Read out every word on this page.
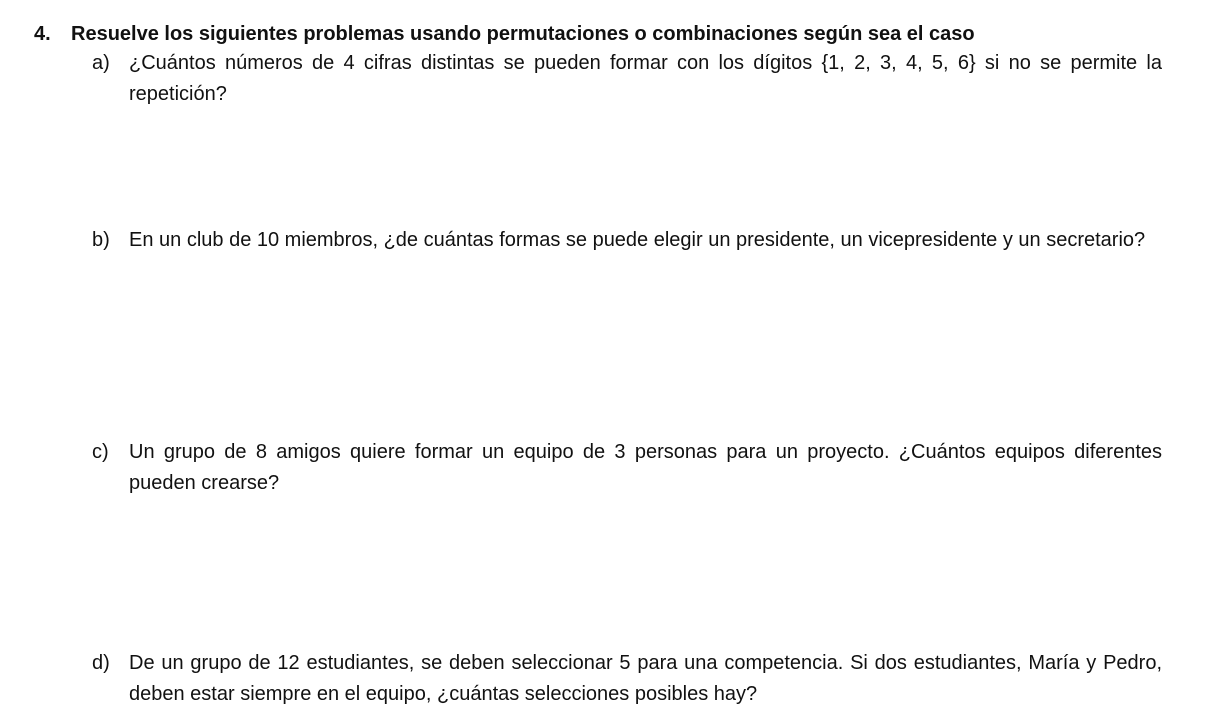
4. Resuelve los siguientes problemas usando permutaciones o combinaciones según sea el caso
a) ¿Cuántos números de 4 cifras distintas se pueden formar con los dígitos {1, 2, 3, 4, 5, 6} si no se permite la repetición?
b) En un club de 10 miembros, ¿de cuántas formas se puede elegir un presidente, un vicepresidente y un secretario?
c) Un grupo de 8 amigos quiere formar un equipo de 3 personas para un proyecto. ¿Cuántos equipos diferentes pueden crearse?
d) De un grupo de 12 estudiantes, se deben seleccionar 5 para una competencia. Si dos estudiantes, María y Pedro, deben estar siempre en el equipo, ¿cuántas selecciones posibles hay?
